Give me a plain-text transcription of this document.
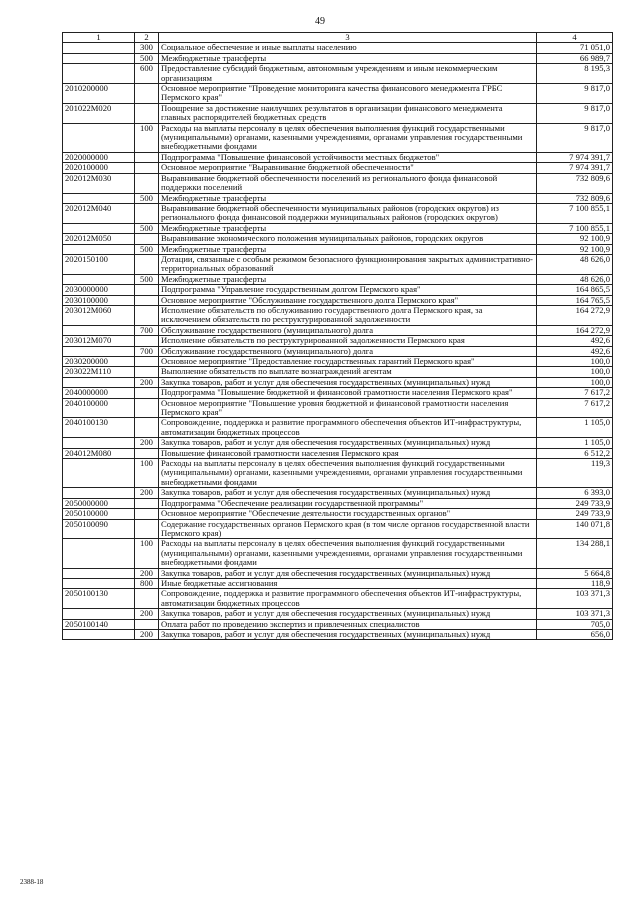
49
1	2	3	4
	300	Социальное обеспечение и иные выплаты населению	71 051,0
	500	Межбюджетные трансферты	66 989,7
	600	Предоставление субсидий бюджетным, автономным учреждениям и иным некоммерческим организациям	8 195,3
2010200000		Основное мероприятие "Проведение мониторинга качества финансового менеджмента ГРБС Пермского края"	9 817,0
201022М020		Поощрение за достижение наилучших результатов в организации финансового менеджмента главных распорядителей бюджетных средств	9 817,0
	100	Расходы на выплаты персоналу в целях обеспечения выполнения функций государственными (муниципальными) органами, казенными учреждениями, органами управления государственными внебюджетными фондами	9 817,0
2020000000		Подпрограмма "Повышение финансовой устойчивости местных бюджетов"	7 974 391,7
2020100000		Основное мероприятие "Выравнивание бюджетной обеспеченности"	7 974 391,7
202012М030		Выравнивание бюджетной обеспеченности поселений из регионального фонда финансовой поддержки поселений	732 809,6
	500	Межбюджетные трансферты	732 809,6
202012М040		Выравнивание бюджетной обеспеченности муниципальных районов (городских округов) из регионального фонда финансовой поддержки муниципальных районов (городских округов)	7 100 855,1
	500	Межбюджетные трансферты	7 100 855,1
202012М050		Выравнивание экономического положения муниципальных районов, городских округов	92 100,9
	500	Межбюджетные трансферты	92 100,9
2020150100		Дотации, связанные с особым режимом безопасного функционирования закрытых административно-территориальных образований	48 626,0
	500	Межбюджетные трансферты	48 626,0
2030000000		Подпрограмма "Управление государственным долгом Пермского края"	164 865,5
2030100000		Основное мероприятие "Обслуживание государственного долга Пермского края"	164 765,5
203012М060		Исполнение обязательств по обслуживанию государственного долга Пермского края, за исключением обязательств по реструктурированной задолженности	164 272,9
	700	Обслуживание государственного (муниципального) долга	164 272,9
203012М070		Исполнение обязательств по реструктурированной задолженности Пермского края	492,6
	700	Обслуживание государственного (муниципального) долга	492,6
2030200000		Основное мероприятие "Предоставление государственных гарантий Пермского края"	100,0
203022М110		Выполнение обязательств по выплате вознаграждений агентам	100,0
	200	Закупка товаров, работ и услуг для обеспечения государственных (муниципальных) нужд	100,0
2040000000		Подпрограмма "Повышение бюджетной и финансовой грамотности населения Пермского края"	7 617,2
2040100000		Основное мероприятие "Повышение уровня бюджетной и финансовой грамотности населения Пермского края"	7 617,2
2040100130		Сопровождение, поддержка и развитие программного обеспечения объектов ИТ-инфраструктуры, автоматизации бюджетных процессов	1 105,0
	200	Закупка товаров, работ и услуг для обеспечения государственных (муниципальных) нужд	1 105,0
204012М080		Повышение финансовой грамотности населения Пермского края	6 512,2
	100	Расходы на выплаты персоналу в целях обеспечения выполнения функций государственными (муниципальными) органами, казенными учреждениями, органами управления государственными внебюджетными фондами	119,3
	200	Закупка товаров, работ и услуг для обеспечения государственных (муниципальных) нужд	6 393,0
2050000000		Подпрограмма "Обеспечение реализации государственной программы"	249 733,9
2050100000		Основное мероприятие "Обеспечение деятельности государственных органов"	249 733,9
2050100090		Содержание государственных органов Пермского края (в том числе органов государственной власти Пермского края)	140 071,8
	100	Расходы на выплаты персоналу в целях обеспечения выполнения функций государственными (муниципальными) органами, казенными учреждениями, органами управления государственными внебюджетными фондами	134 288,1
	200	Закупка товаров, работ и услуг для обеспечения государственных (муниципальных) нужд	5 664,8
	800	Иные бюджетные ассигнования	118,9
2050100130		Сопровождение, поддержка и развитие программного обеспечения объектов ИТ-инфраструктуры, автоматизации бюджетных процессов	103 371,3
	200	Закупка товаров, работ и услуг для обеспечения государственных (муниципальных) нужд	103 371,3
2050100140		Оплата работ по проведению экспертиз и привлеченных специалистов	705,0
	200	Закупка товаров, работ и услуг для обеспечения государственных (муниципальных) нужд	656,0
2388-18
